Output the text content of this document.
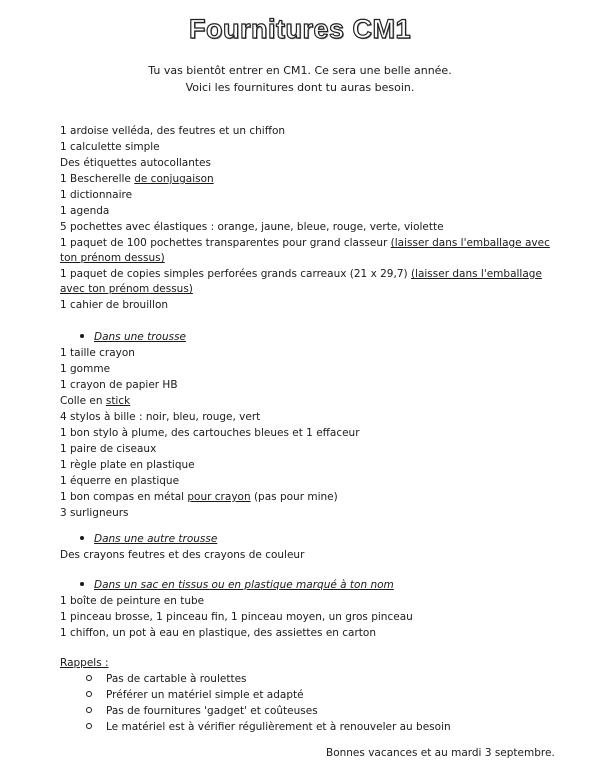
Fournitures CM1
Tu vas bientôt entrer en CM1. Ce sera une belle année.
Voici les fournitures dont tu auras besoin.
1 ardoise velléda, des feutres et un chiffon
1 calculette simple
Des étiquettes autocollantes
1 Bescherelle de conjugaison
1 dictionnaire
1 agenda
5 pochettes avec élastiques : orange, jaune, bleue, rouge, verte, violette
1 paquet de 100 pochettes transparentes pour grand classeur (laisser dans l'emballage avec
ton prénom dessus)
1 paquet de copies simples perforées grands carreaux (21 x 29,7) (laisser dans l'emballage
avec ton prénom dessus)
1 cahier de brouillon
Dans une trousse
1 taille crayon
1 gomme
1 crayon de papier HB
Colle en stick
4 stylos à bille : noir, bleu, rouge, vert
1 bon stylo à plume, des cartouches bleues et 1 effaceur
1 paire de ciseaux
1 règle plate en plastique
1 équerre en plastique
1 bon compas en métal pour crayon (pas pour mine)
3 surligneurs
Dans une autre trousse
Des crayons feutres et des crayons de couleur
Dans un sac en tissus ou en plastique marqué à ton nom
1 boîte de peinture en tube
1 pinceau brosse, 1 pinceau fin, 1 pinceau moyen, un gros pinceau
1 chiffon, un pot à eau en plastique, des assiettes en carton
Rappels :
Pas de cartable à roulettes
Préférer un matériel simple et adapté
Pas de fournitures 'gadget' et coûteuses
Le matériel est à vérifier régulièrement et à renouveler au besoin
Bonnes vacances et au mardi 3 septembre.
